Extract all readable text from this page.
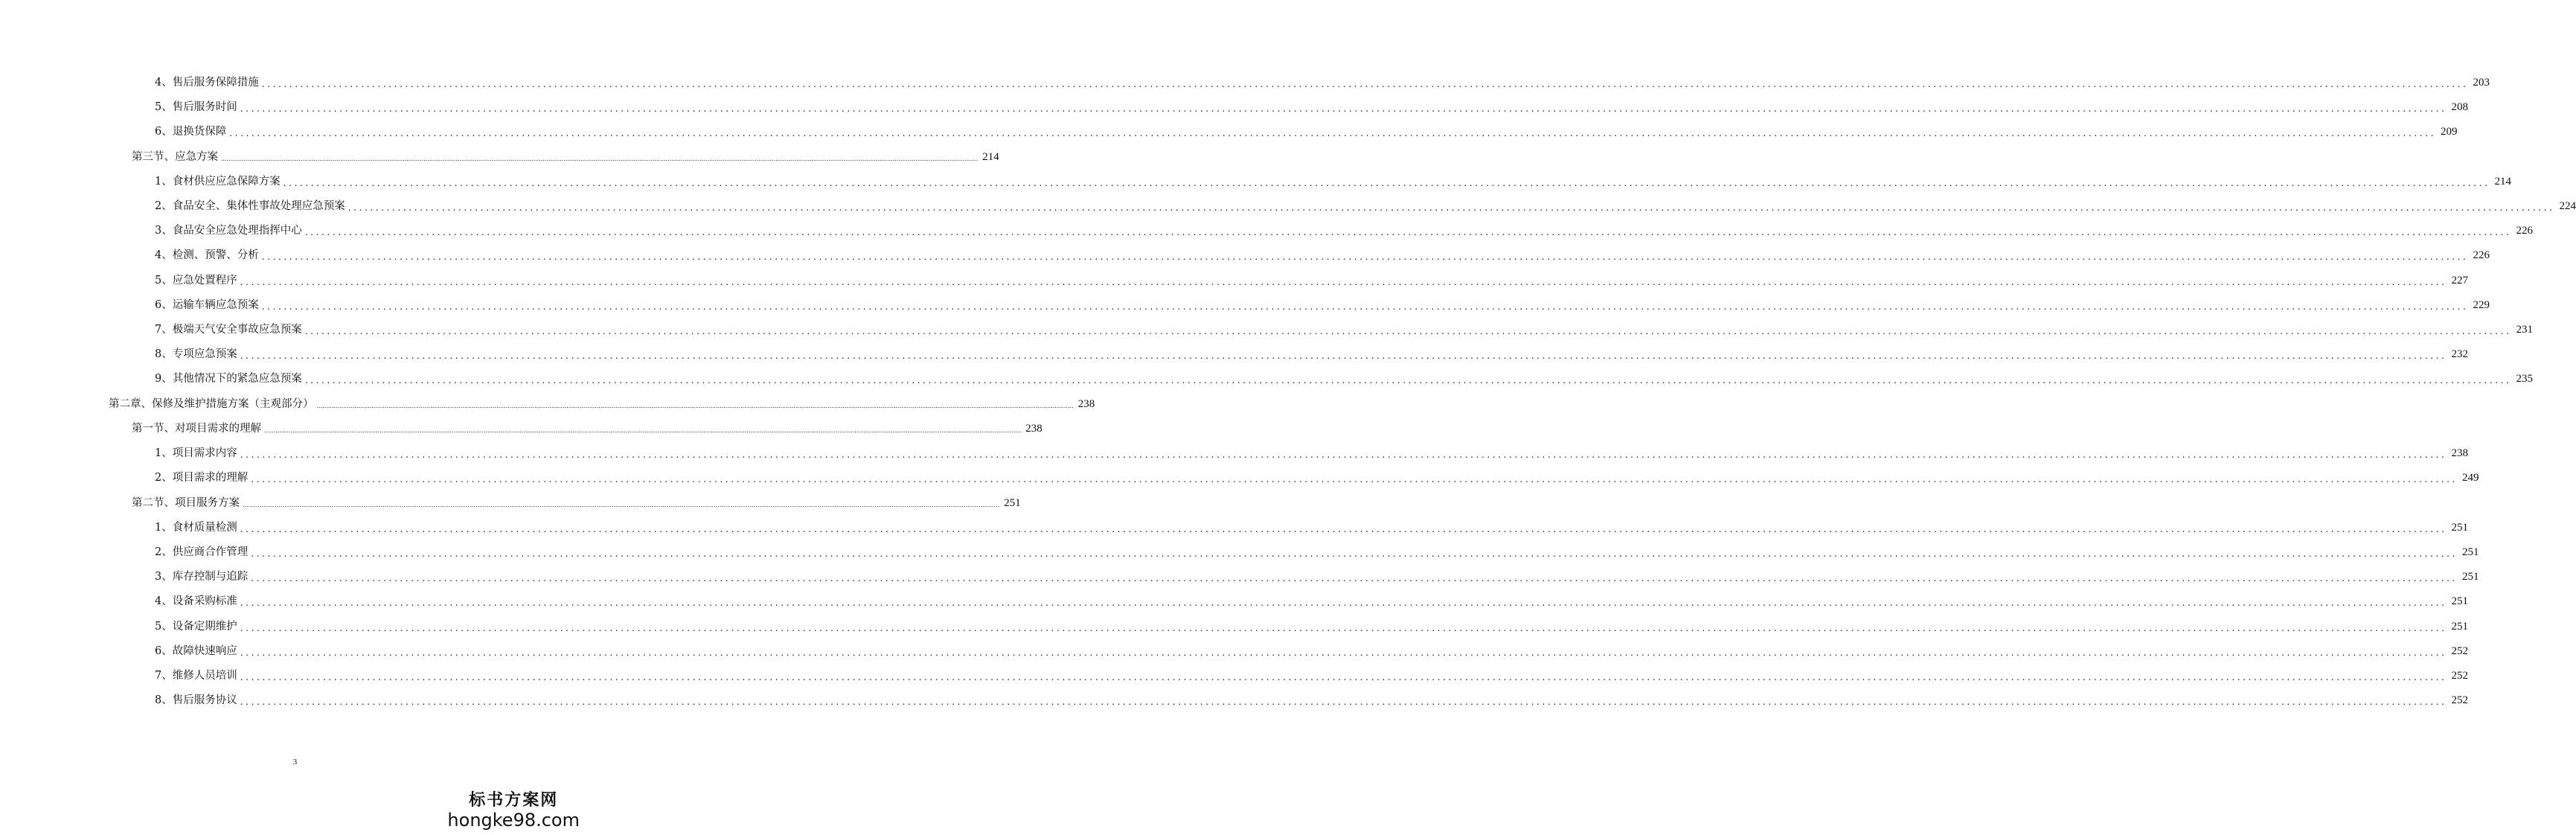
4、售后服务保障措施 ................................................................................................................................................................................................................................................................................................................................................................................................................ 203
5、售后服务时间 ................................................................................................................................................................................................................................................................................................................................................................................................................ 208
6、退换货保障 ................................................................................................................................................................................................................................................................................................................................................................................................................ 209
第三节、应急方案 ................................................................................................................................................................................................................................................................................................................................................................................................................ 214
1、食材供应应急保障方案 ................................................................................................................................................................................................................................................................................................................................................................................................................ 214
2、食品安全、集体性事故处理应急预案 ................................................................................................................................................................................................................................................................................................................................................................................................................ 224
3、食品安全应急处理指挥中心 ................................................................................................................................................................................................................................................................................................................................................................................................................ 226
4、检测、预警、分析 ................................................................................................................................................................................................................................................................................................................................................................................................................ 226
5、应急处置程序 ................................................................................................................................................................................................................................................................................................................................................................................................................ 227
6、运输车辆应急预案 ................................................................................................................................................................................................................................................................................................................................................................................................................ 229
7、极端天气安全事故应急预案 ................................................................................................................................................................................................................................................................................................................................................................................................................ 231
8、专项应急预案 ................................................................................................................................................................................................................................................................................................................................................................................................................ 232
9、其他情况下的紧急应急预案 ................................................................................................................................................................................................................................................................................................................................................................................................................ 235
第二章、保修及维护措施方案（主观部分） ................................................................................................................................................................................................................................................................................................................................................................................................................ 238
第一节、对项目需求的理解 ................................................................................................................................................................................................................................................................................................................................................................................................................ 238
1、项目需求内容 ................................................................................................................................................................................................................................................................................................................................................................................................................ 238
2、项目需求的理解 ................................................................................................................................................................................................................................................................................................................................................................................................................ 249
第二节、项目服务方案 ................................................................................................................................................................................................................................................................................................................................................................................................................ 251
1、食材质量检测 ................................................................................................................................................................................................................................................................................................................................................................................................................ 251
2、供应商合作管理 ................................................................................................................................................................................................................................................................................................................................................................................................................ 251
3、库存控制与追踪 ................................................................................................................................................................................................................................................................................................................................................................................................................ 251
4、设备采购标准 ................................................................................................................................................................................................................................................................................................................................................................................................................ 251
5、设备定期维护 ................................................................................................................................................................................................................................................................................................................................................................................................................ 251
6、故障快速响应 ................................................................................................................................................................................................................................................................................................................................................................................................................ 252
7、维修人员培训 ................................................................................................................................................................................................................................................................................................................................................................................................................ 252
8、售后服务协议 ................................................................................................................................................................................................................................................................................................................................................................................................................ 252
3
标书方案网
hongke98.com
